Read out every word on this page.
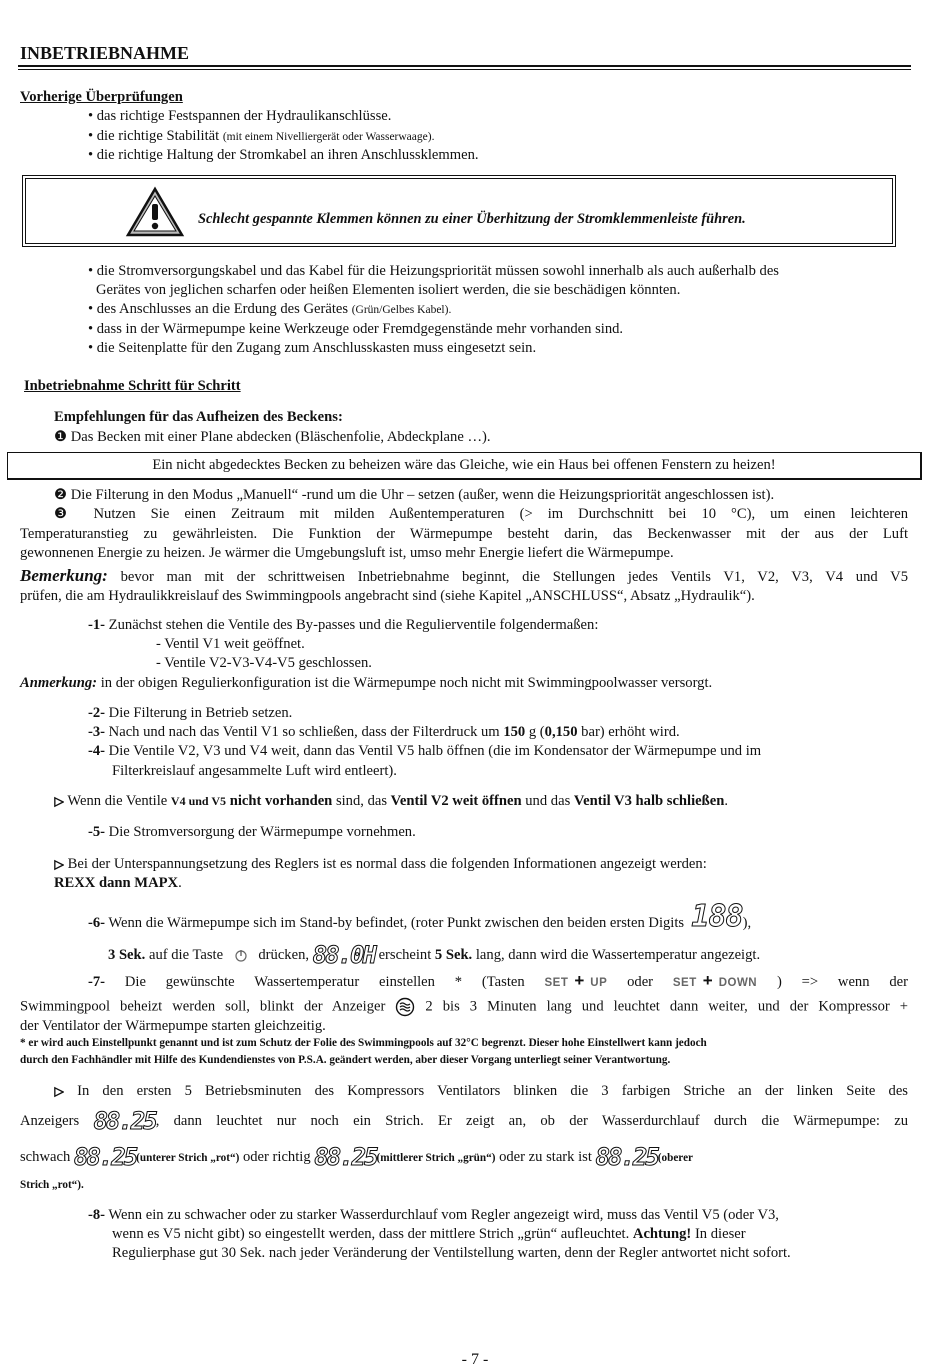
INBETRIEBNAHME
Vorherige Überprüfungen
• das richtige Festspannen der Hydraulikanschlüsse.
• die richtige Stabilität (mit einem Nivelliergerät oder Wasserwaage).
• die richtige Haltung der Stromkabel an ihren Anschlussklemmen.
Schlecht gespannte Klemmen können zu einer Überhitzung der Stromklemmenleiste führen.
• die Stromversorgungskabel und das Kabel für die Heizungspriorität müssen sowohl innerhalb als auch außerhalb des
Gerätes von jeglichen scharfen oder heißen Elementen isoliert werden, die sie beschädigen könnten.
• des Anschlusses an die Erdung des Gerätes (Grün/Gelbes Kabel).
• dass in der Wärmepumpe keine Werkzeuge oder Fremdgegenstände mehr vorhanden sind.
• die Seitenplatte für den Zugang zum Anschlusskasten muss eingesetzt sein.
Inbetriebnahme Schritt für Schritt
Empfehlungen für das Aufheizen des Beckens:
❶ Das Becken mit einer Plane abdecken (Bläschenfolie, Abdeckplane …).
Ein nicht abgedecktes Becken zu beheizen wäre das Gleiche, wie ein Haus bei offenen Fenstern zu heizen!
❷ Die Filterung in den Modus „Manuell“ -rund um die Uhr – setzen (außer, wenn die Heizungspriorität angeschlossen ist).
❸ Nutzen Sie einen Zeitraum mit milden Außentemperaturen (> im Durchschnitt bei 10 °C), um einen leichteren
Temperaturanstieg zu gewährleisten. Die Funktion der Wärmepumpe besteht darin, das Beckenwasser mit der aus der Luft
gewonnenen Energie zu heizen. Je wärmer die Umgebungsluft ist, umso mehr Energie liefert die Wärmepumpe.
Bemerkung: bevor man mit der schrittweisen Inbetriebnahme beginnt, die Stellungen jedes Ventils V1, V2, V3, V4 und V5
prüfen, die am Hydraulikkreislauf des Swimmingpools angebracht sind (siehe Kapitel „ANSCHLUSS“, Absatz „Hydraulik“).
-1- Zunächst stehen die Ventile des By-passes und die Regulierventile folgendermaßen:
- Ventil V1 weit geöffnet.
- Ventile V2-V3-V4-V5 geschlossen.
Anmerkung: in der obigen Regulierkonfiguration ist die Wärmepumpe noch nicht mit Swimmingpoolwasser versorgt.
-2- Die Filterung in Betrieb setzen.
-3- Nach und nach das Ventil V1 so schließen, dass der Filterdruck um 150 g (0,150 bar) erhöht wird.
-4- Die Ventile V2, V3 und V4 weit, dann das Ventil V5 halb öffnen (die im Kondensator der Wärmepumpe und im
Filterkreislauf angesammelte Luft wird entleert).
Wenn die Ventile V4 und V5 nicht vorhanden sind, das Ventil V2 weit öffnen und das Ventil V3 halb schließen.
-5- Die Stromversorgung der Wärmepumpe vornehmen.
Bei der Unterspannungsetzung des Reglers ist es normal dass die folgenden Informationen angezeigt werden:
REXX dann MAPX.
-6- Wenn die Wärmepumpe sich im Stand-by befindet, (roter Punkt zwischen den beiden ersten Digits  188),
3 Sek. auf die Taste  drücken, 88.0H erscheint 5 Sek. lang, dann wird die Wassertemperatur angezeigt.
-7- Die gewünschte Wassertemperatur einstellen * (Tasten SET + UP oder SET + DOWN ) => wenn der
Swimmingpool beheizt werden soll, blinkt der Anzeiger  2 bis 3 Minuten lang und leuchtet dann weiter, und der Kompressor +
der Ventilator der Wärmepumpe starten gleichzeitig.
* er wird auch Einstellpunkt genannt und ist zum Schutz der Folie des Swimmingpools auf 32°C begrenzt. Dieser hohe Einstellwert kann jedoch
durch den Fachhändler mit Hilfe des Kundendienstes von P.S.A. geändert werden, aber dieser Vorgang unterliegt seiner Verantwortung.
In den ersten 5 Betriebsminuten des Kompressors Ventilators blinken die 3 farbigen Striche an der linken Seite des
Anzeigers 88.25, dann leuchtet nur noch ein Strich. Er zeigt an, ob der Wasserdurchlauf durch die Wärmepumpe: zu
schwach 88.25(unterer Strich „rot“) oder richtig 88.25(mittlerer Strich „grün“) oder zu stark ist 88.25(oberer
Strich „rot“).
-8- Wenn ein zu schwacher oder zu starker Wasserdurchlauf vom Regler angezeigt wird, muss das Ventil V5 (oder V3,
wenn es V5 nicht gibt) so eingestellt werden, dass der mittlere Strich „grün“ aufleuchtet. Achtung! In dieser
Regulierphase gut 30 Sek. nach jeder Veränderung der Ventilstellung warten, denn der Regler antwortet nicht sofort.
- 7 -
